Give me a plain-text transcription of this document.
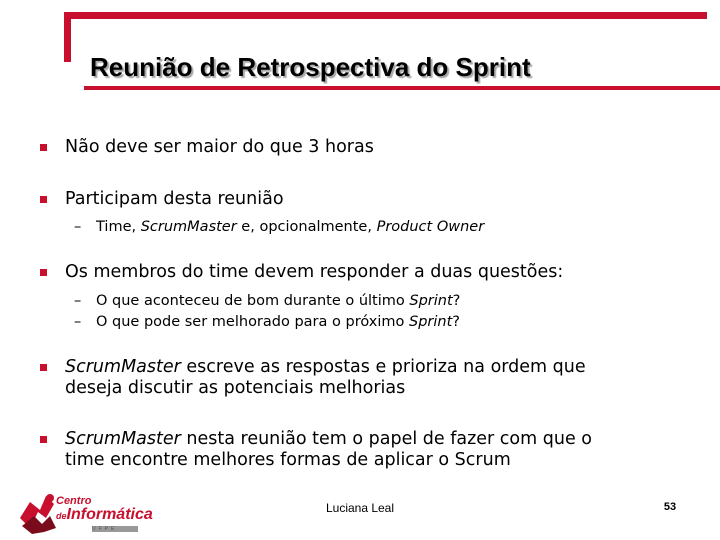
Reunião de Retrospectiva do Sprint
Não deve ser maior do que 3 horas
Participam desta reunião
– Time, ScrumMaster e, opcionalmente, Product Owner
Os membros do time devem responder a duas questões:
– O que aconteceu de bom durante o último Sprint?
– O que pode ser melhorado para o próximo Sprint?
ScrumMaster escreve as respostas e prioriza na ordem que
deseja discutir as potenciais melhorias
ScrumMaster nesta reunião tem o papel de fazer com que o
time encontre melhores formas de aplicar o Scrum
Centro
deInformática
UFPE
Luciana Leal	53
